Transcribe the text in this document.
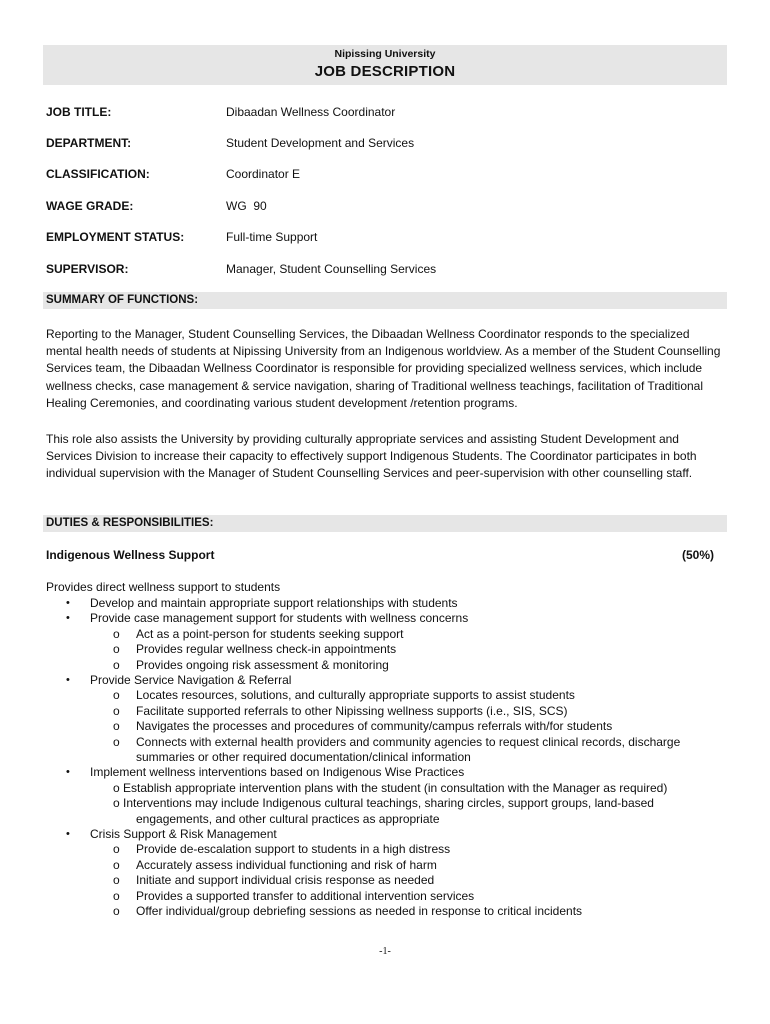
Nipissing University
JOB DESCRIPTION
JOB TITLE:	Dibaadan Wellness Coordinator
DEPARTMENT:	Student Development and Services
CLASSIFICATION:	Coordinator E
WAGE GRADE:	WG  90
EMPLOYMENT STATUS:	Full-time Support
SUPERVISOR:	Manager, Student Counselling Services
SUMMARY OF FUNCTIONS:
Reporting to the Manager, Student Counselling Services, the Dibaadan Wellness Coordinator responds to the specialized mental health needs of students at Nipissing University from an Indigenous worldview. As a member of the Student Counselling Services team, the Dibaadan Wellness Coordinator is responsible for providing specialized wellness services, which include wellness checks, case management & service navigation, sharing of Traditional wellness teachings, facilitation of Traditional Healing Ceremonies, and coordinating various student development /retention programs.
This role also assists the University by providing culturally appropriate services and assisting Student Development and Services Division to increase their capacity to effectively support Indigenous Students. The Coordinator participates in both individual supervision with the Manager of Student Counselling Services and peer-supervision with other counselling staff.
DUTIES & RESPONSIBILITIES:
Indigenous Wellness Support	(50%)
Provides direct wellness support to students
• Develop and maintain appropriate support relationships with students
• Provide case management support for students with wellness concerns
o Act as a point-person for students seeking support
o Provides regular wellness check-in appointments
o Provides ongoing risk assessment & monitoring
• Provide Service Navigation & Referral
o Locates resources, solutions, and culturally appropriate supports to assist students
o Facilitate supported referrals to other Nipissing wellness supports (i.e., SIS, SCS)
o Navigates the processes and procedures of community/campus referrals with/for students
o Connects with external health providers and community agencies to request clinical records, discharge
summaries or other required documentation/clinical information
• Implement wellness interventions based on Indigenous Wise Practices
o Establish appropriate intervention plans with the student (in consultation with the Manager as required)
o Interventions may include Indigenous cultural teachings, sharing circles, support groups, land-based
engagements, and other cultural practices as appropriate
• Crisis Support & Risk Management
o Provide de-escalation support to students in a high distress
o Accurately assess individual functioning and risk of harm
o Initiate and support individual crisis response as needed
o Provides a supported transfer to additional intervention services
o Offer individual/group debriefing sessions as needed in response to critical incidents
-1-
